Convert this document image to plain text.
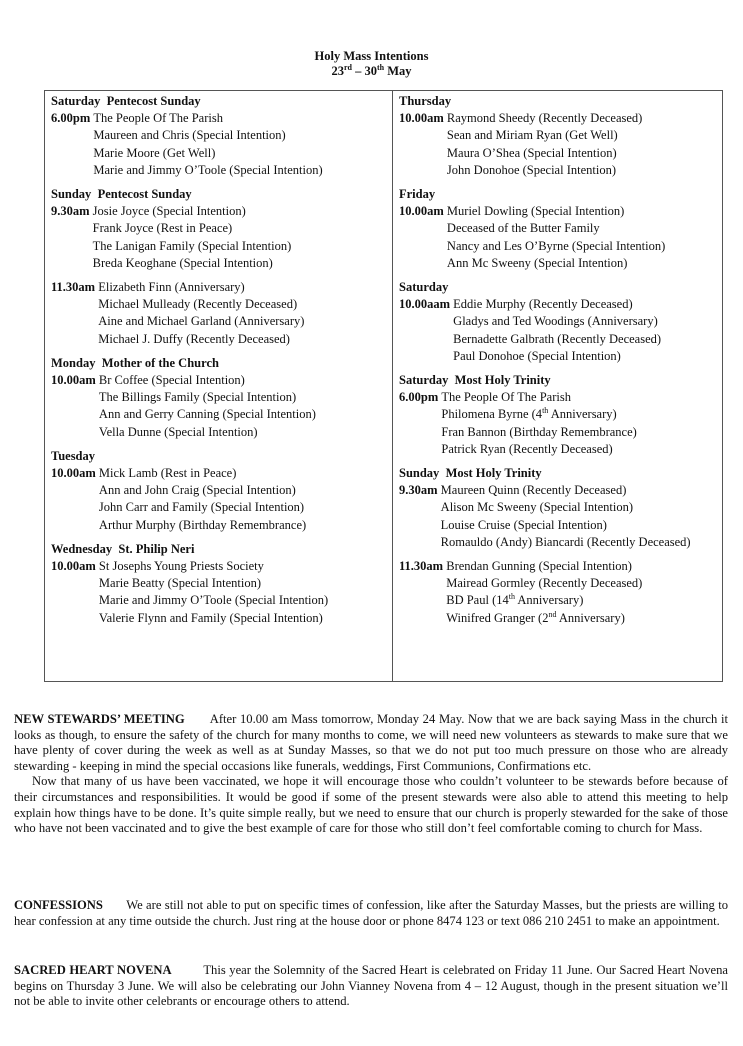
Holy Mass Intentions
23rd – 30th May
Saturday Pentecost Sunday
6.00pm The People Of The Parish
Maureen and Chris (Special Intention)
Marie Moore (Get Well)
Marie and Jimmy O’Toole (Special Intention)
Sunday Pentecost Sunday
9.30am Josie Joyce (Special Intention)
Frank Joyce (Rest in Peace)
The Lanigan Family (Special Intention)
Breda Keoghane (Special Intention)
11.30am Elizabeth Finn (Anniversary)
Michael Mulleady (Recently Deceased)
Aine and Michael Garland (Anniversary)
Michael J. Duffy (Recently Deceased)
Monday Mother of the Church
10.00am Br Coffee (Special Intention)
The Billings Family (Special Intention)
Ann and Gerry Canning (Special Intention)
Vella Dunne (Special Intention)
Tuesday
10.00am Mick Lamb (Rest in Peace)
Ann and John Craig (Special Intention)
John Carr and Family (Special Intention)
Arthur Murphy (Birthday Remembrance)
Wednesday St. Philip Neri
10.00am St Josephs Young Priests Society
Marie Beatty (Special Intention)
Marie and Jimmy O’Toole (Special Intention)
Valerie Flynn and Family (Special Intention)
Thursday
10.00am Raymond Sheedy (Recently Deceased)
Sean and Miriam Ryan (Get Well)
Maura O’Shea (Special Intention)
John Donohoe (Special Intention)
Friday
10.00am Muriel Dowling (Special Intention)
Deceased of the Butter Family
Nancy and Les O’Byrne (Special Intention)
Ann Mc Sweeny (Special Intention)
Saturday
10.00aam Eddie Murphy (Recently Deceased)
Gladys and Ted Woodings (Anniversary)
Bernadette Galbrath (Recently Deceased)
Paul Donohoe (Special Intention)
Saturday Most Holy Trinity
6.00pm The People Of The Parish
Philomena Byrne (4th Anniversary)
Fran Bannon (Birthday Remembrance)
Patrick Ryan (Recently Deceased)
Sunday Most Holy Trinity
9.30am Maureen Quinn (Recently Deceased)
Alison Mc Sweeny (Special Intention)
Louise Cruise (Special Intention)
Romauldo (Andy) Biancardi (Recently Deceased)
11.30am Brendan Gunning (Special Intention)
Mairead Gormley (Recently Deceased)
BD Paul (14th Anniversary)
Winifred Granger (2nd Anniversary)
NEW STEWARDS’ MEETING After 10.00 am Mass tomorrow, Monday 24 May. Now that we are back saying Mass in the church it looks as though, to ensure the safety of the church for many months to come, we will need new volunteers as stewards to make sure that we have plenty of cover during the week as well as at Sunday Masses, so that we do not put too much pressure on those who are already stewarding - keeping in mind the special occasions like funerals, weddings, First Communions, Confirmations etc.
Now that many of us have been vaccinated, we hope it will encourage those who couldn’t volunteer to be stewards before because of their circumstances and responsibilities. It would be good if some of the present stewards were also able to attend this meeting to help explain how things have to be done. It’s quite simple really, but we need to ensure that our church is properly stewarded for the sake of those who have not been vaccinated and to give the best example of care for those who still don’t feel comfortable coming to church for Mass.
CONFESSIONS We are still not able to put on specific times of confession, like after the Saturday Masses, but the priests are willing to hear confession at any time outside the church. Just ring at the house door or phone 8474 123 or text 086 210 2451 to make an appointment.
SACRED HEART NOVENA	This year the Solemnity of the Sacred Heart is celebrated on Friday 11 June. Our Sacred Heart Novena begins on Thursday 3 June. We will also be celebrating our John Vianney Novena from 4 – 12 August, though in the present situation we’ll not be able to invite other celebrants or encourage others to attend.
